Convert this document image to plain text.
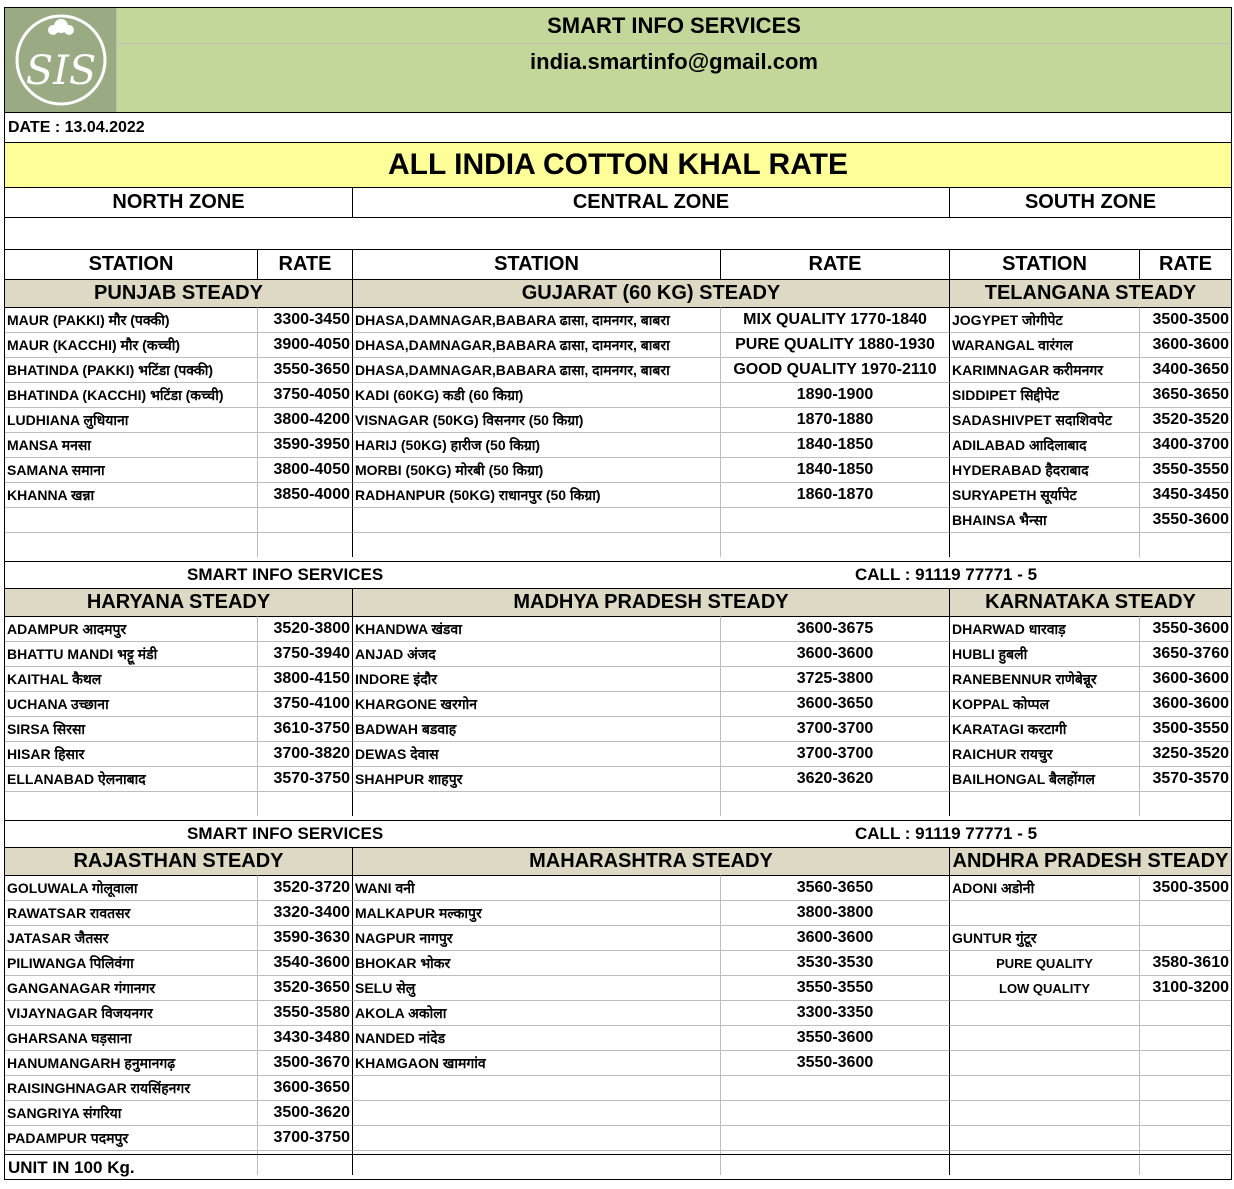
SIS
SMART INFO SERVICES
india.smartinfo@gmail.com
DATE : 13.04.2022
ALL INDIA COTTON KHAL RATE
NORTH ZONE	CENTRAL ZONE	SOUTH ZONE
STATION	RATE	STATION	RATE	STATION	RATE
PUNJAB STEADY	GUJARAT (60 KG) STEADY	TELANGANA STEADY
MAUR (PAKKI) मौर (पक्की)	3300-3450 DHASA,DAMNAGAR,BABARA ढासा, दामनगर, बाबरा	MIX QUALITY 1770-1840	JOGYPET जोगीपेट	3500-3500
MAUR (KACCHI) मौर (कच्ची)	3900-4050 DHASA,DAMNAGAR,BABARA ढासा, दामनगर, बाबरा	PURE QUALITY 1880-1930	WARANGAL वारंगल	3600-3600
BHATINDA (PAKKI) भटिंडा (पक्की)	3550-3650 DHASA,DAMNAGAR,BABARA ढासा, दामनगर, बाबरा	GOOD QUALITY 1970-2110	KARIMNAGAR करीमनगर	3400-3650
BHATINDA (KACCHI) भटिंडा (कच्ची)	3750-4050 KADI (60KG) कडी (60 किग्रा)	1890-1900	SIDDIPET सिद्दीपेट	3650-3650
LUDHIANA लुधियाना	3800-4200 VISNAGAR (50KG) विसनगर (50 किग्रा)	1870-1880	SADASHIVPET सदाशिवपेट	3520-3520
MANSA मनसा	3590-3950 HARIJ (50KG) हारीज (50 किग्रा)	1840-1850	ADILABAD आदिलाबाद	3400-3700
SAMANA समाना	3800-4050 MORBI (50KG) मोरबी (50 किग्रा)	1840-1850	HYDERABAD हैदराबाद	3550-3550
KHANNA खन्ना	3850-4000 RADHANPUR (50KG) राधानपुर (50 किग्रा)	1860-1870	SURYAPETH सूर्यापेट	3450-3450
BHAINSA भैन्सा	3550-3600
SMART INFO SERVICES	CALL : 91119 77771 - 5
HARYANA STEADY	MADHYA PRADESH STEADY	KARNATAKA STEADY
ADAMPUR आदमपुर	3520-3800 KHANDWA खंडवा	3600-3675	DHARWAD धारवाड़	3550-3600
BHATTU MANDI भट्टू मंडी	3750-3940 ANJAD अंजद	3600-3600	HUBLI हुबली	3650-3760
KAITHAL कैथल	3800-4150 INDORE इंदौर	3725-3800	RANEBENNUR राणेबेन्नूर	3600-3600
UCHANA उच्छाना	3750-4100 KHARGONE खरगोन	3600-3650	KOPPAL कोप्पल	3600-3600
SIRSA सिरसा	3610-3750 BADWAH बडवाह	3700-3700	KARATAGI करटागी	3500-3550
HISAR हिसार	3700-3820 DEWAS देवास	3700-3700	RAICHUR रायचुर	3250-3520
ELLANABAD ऐलनाबाद	3570-3750 SHAHPUR शाहपुर	3620-3620	BAILHONGAL बैलहोंगल	3570-3570
SMART INFO SERVICES	CALL : 91119 77771 - 5
RAJASTHAN STEADY	MAHARASHTRA STEADY	ANDHRA PRADESH STEADY
GOLUWALA गोलूवाला	3520-3720 WANI वनी	3560-3650	ADONI अडोनी	3500-3500
RAWATSAR रावतसर	3320-3400 MALKAPUR मल्कापुर	3800-3800
JATASAR जैतसर	3590-3630 NAGPUR नागपुर	3600-3600	GUNTUR गुंटूर
PILIWANGA पिलिवंगा	3540-3600 BHOKAR भोकर	3530-3530	PURE QUALITY	3580-3610
GANGANAGAR गंगानगर	3520-3650 SELU सेलु	3550-3550	LOW QUALITY	3100-3200
VIJAYNAGAR विजयनगर	3550-3580 AKOLA अकोला	3300-3350
GHARSANA घड़साना	3430-3480 NANDED नांदेड	3550-3600
HANUMANGARH हनुमानगढ़	3500-3670 KHAMGAON खामगांव	3550-3600
RAISINGHNAGAR रायसिंहनगर	3600-3650
SANGRIYA संगरिया	3500-3620
PADAMPUR पदमपुर	3700-3750
UNIT IN 100 Kg.
